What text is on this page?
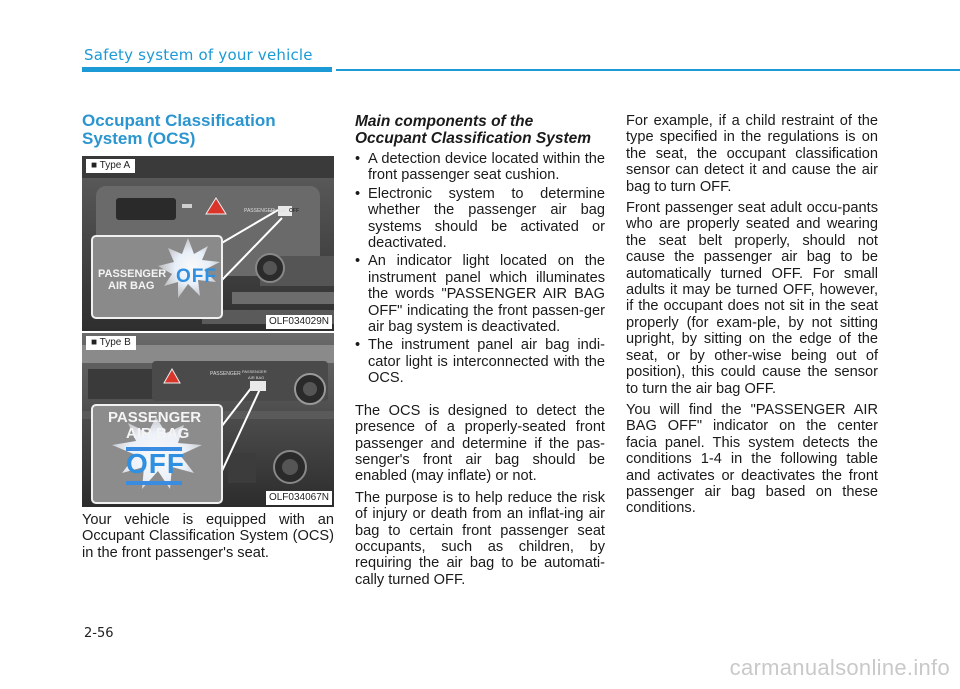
Safety system of your vehicle
Occupant Classification System (OCS)
■ Type A
PASSENGER
AIR BAG OFF
PASSENGER
AIR BAG OFF
OLF034029N
■ Type B
PASSENGER PASSENGER
AIR BAG
PASSENGER
AIR BAG
OFF
OLF034067N

Your vehicle is equipped with an Occupant Classification System (OCS) in the front passenger's seat.

Main components of the Occupant Classification System

• A detection device located within the front passenger seat cushion.
• Electronic system to determine whether the passenger air bag systems should be activated or deactivated.
• An indicator light located on the instrument panel which illuminates the words "PASSENGER AIR BAG OFF" indicating the front passen-ger air bag system is deactivated.
• The instrument panel air bag indi-cator light is interconnected with the OCS.

The OCS is designed to detect the presence of a properly-seated front passenger and determine if the pas-senger's front air bag should be enabled (may inflate) or not.

The purpose is to help reduce the risk of injury or death from an inflat-ing air bag to certain front passenger seat occupants, such as children, by requiring the air bag to be automati-cally turned OFF.

For example, if a child restraint of the type specified in the regulations is on the seat, the occupant classification sensor can detect it and cause the air bag to turn OFF.

Front passenger seat adult occu-pants who are properly seated and wearing the seat belt properly, should not cause the passenger air bag to be automatically turned OFF. For small adults it may be turned OFF, however, if the occupant does not sit in the seat properly (for exam-ple, by not sitting upright, by sitting on the edge of the seat, or by other-wise being out of position), this could cause the sensor to turn the air bag OFF.

You will find the "PASSENGER AIR BAG OFF" indicator on the center facia panel. This system detects the conditions 1-4 in the following table and activates or deactivates the front passenger air bag based on these conditions.

2-56
carmanualsonline.info
